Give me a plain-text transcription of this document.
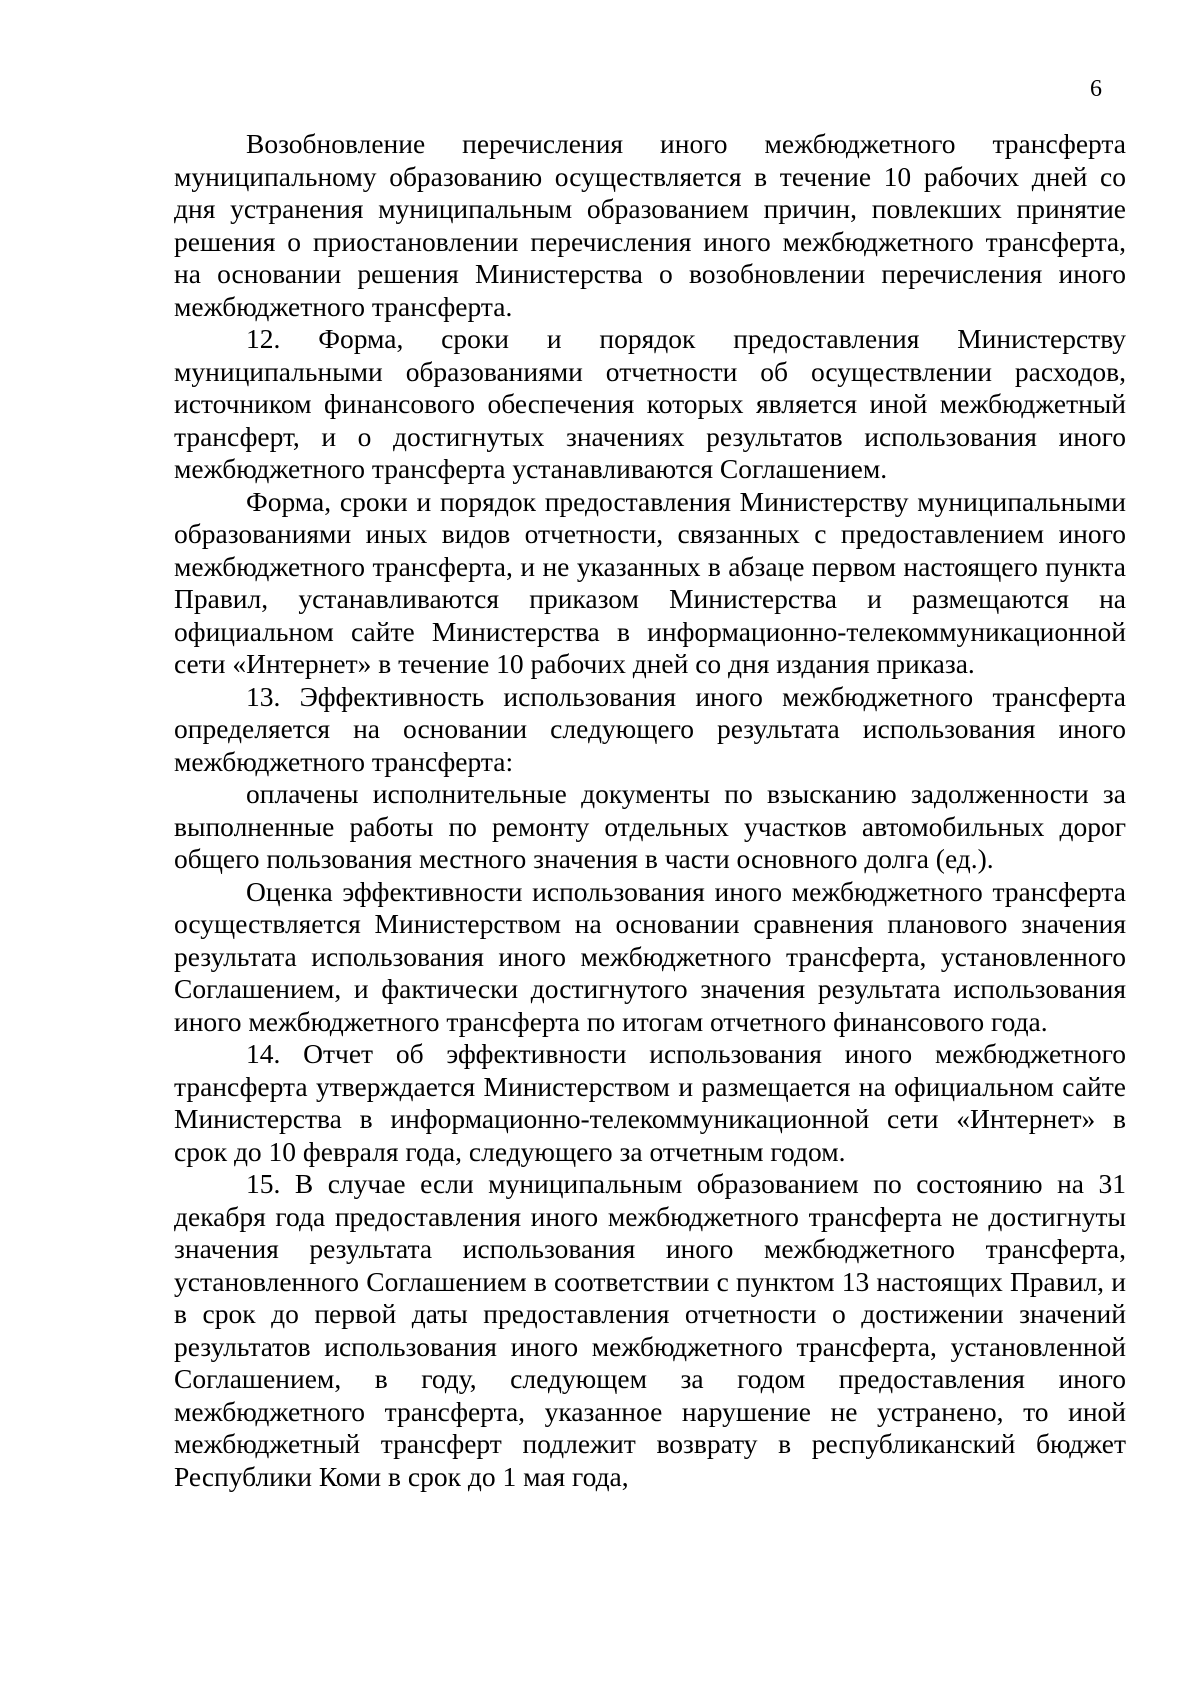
6

Возобновление перечисления иного межбюджетного трансферта муниципальному образованию осуществляется в течение 10 рабочих дней со дня устранения муниципальным образованием причин, повлекших принятие решения о приостановлении перечисления иного межбюджетного трансферта, на основании решения Министерства о возобновлении перечисления иного межбюджетного трансферта.

12. Форма, сроки и порядок предоставления Министерству муниципальными образованиями отчетности об осуществлении расходов, источником финансового обеспечения которых является иной межбюджетный трансферт, и о достигнутых значениях результатов использования иного межбюджетного трансферта устанавливаются Соглашением.

Форма, сроки и порядок предоставления Министерству муниципальными образованиями иных видов отчетности, связанных с предоставлением иного межбюджетного трансферта, и не указанных в абзаце первом настоящего пункта Правил, устанавливаются приказом Министерства и размещаются на официальном сайте Министерства в информационно-телекоммуникационной сети «Интернет» в течение 10 рабочих дней со дня издания приказа.

13. Эффективность использования иного межбюджетного трансферта определяется на основании следующего результата использования иного межбюджетного трансферта:

оплачены исполнительные документы по взысканию задолженности за выполненные работы по ремонту отдельных участков автомобильных дорог общего пользования местного значения в части основного долга (ед.).

Оценка эффективности использования иного межбюджетного трансферта осуществляется Министерством на основании сравнения планового значения результата использования иного межбюджетного трансферта, установленного Соглашением, и фактически достигнутого значения результата использования иного межбюджетного трансферта по итогам отчетного финансового года.

14. Отчет об эффективности использования иного межбюджетного трансферта утверждается Министерством и размещается на официальном сайте Министерства в информационно-телекоммуникационной сети «Интернет» в срок до 10 февраля года, следующего за отчетным годом.

15. В случае если муниципальным образованием по состоянию на 31 декабря года предоставления иного межбюджетного трансферта не достигнуты значения результата использования иного межбюджетного трансферта, установленного Соглашением в соответствии с пунктом 13 настоящих Правил, и в срок до первой даты предоставления отчетности о достижении значений результатов использования иного межбюджетного трансферта, установленной Соглашением, в году, следующем за годом предоставления иного межбюджетного трансферта, указанное нарушение не устранено, то иной межбюджетный трансферт подлежит возврату в республиканский бюджет Республики Коми в срок до 1 мая года,
